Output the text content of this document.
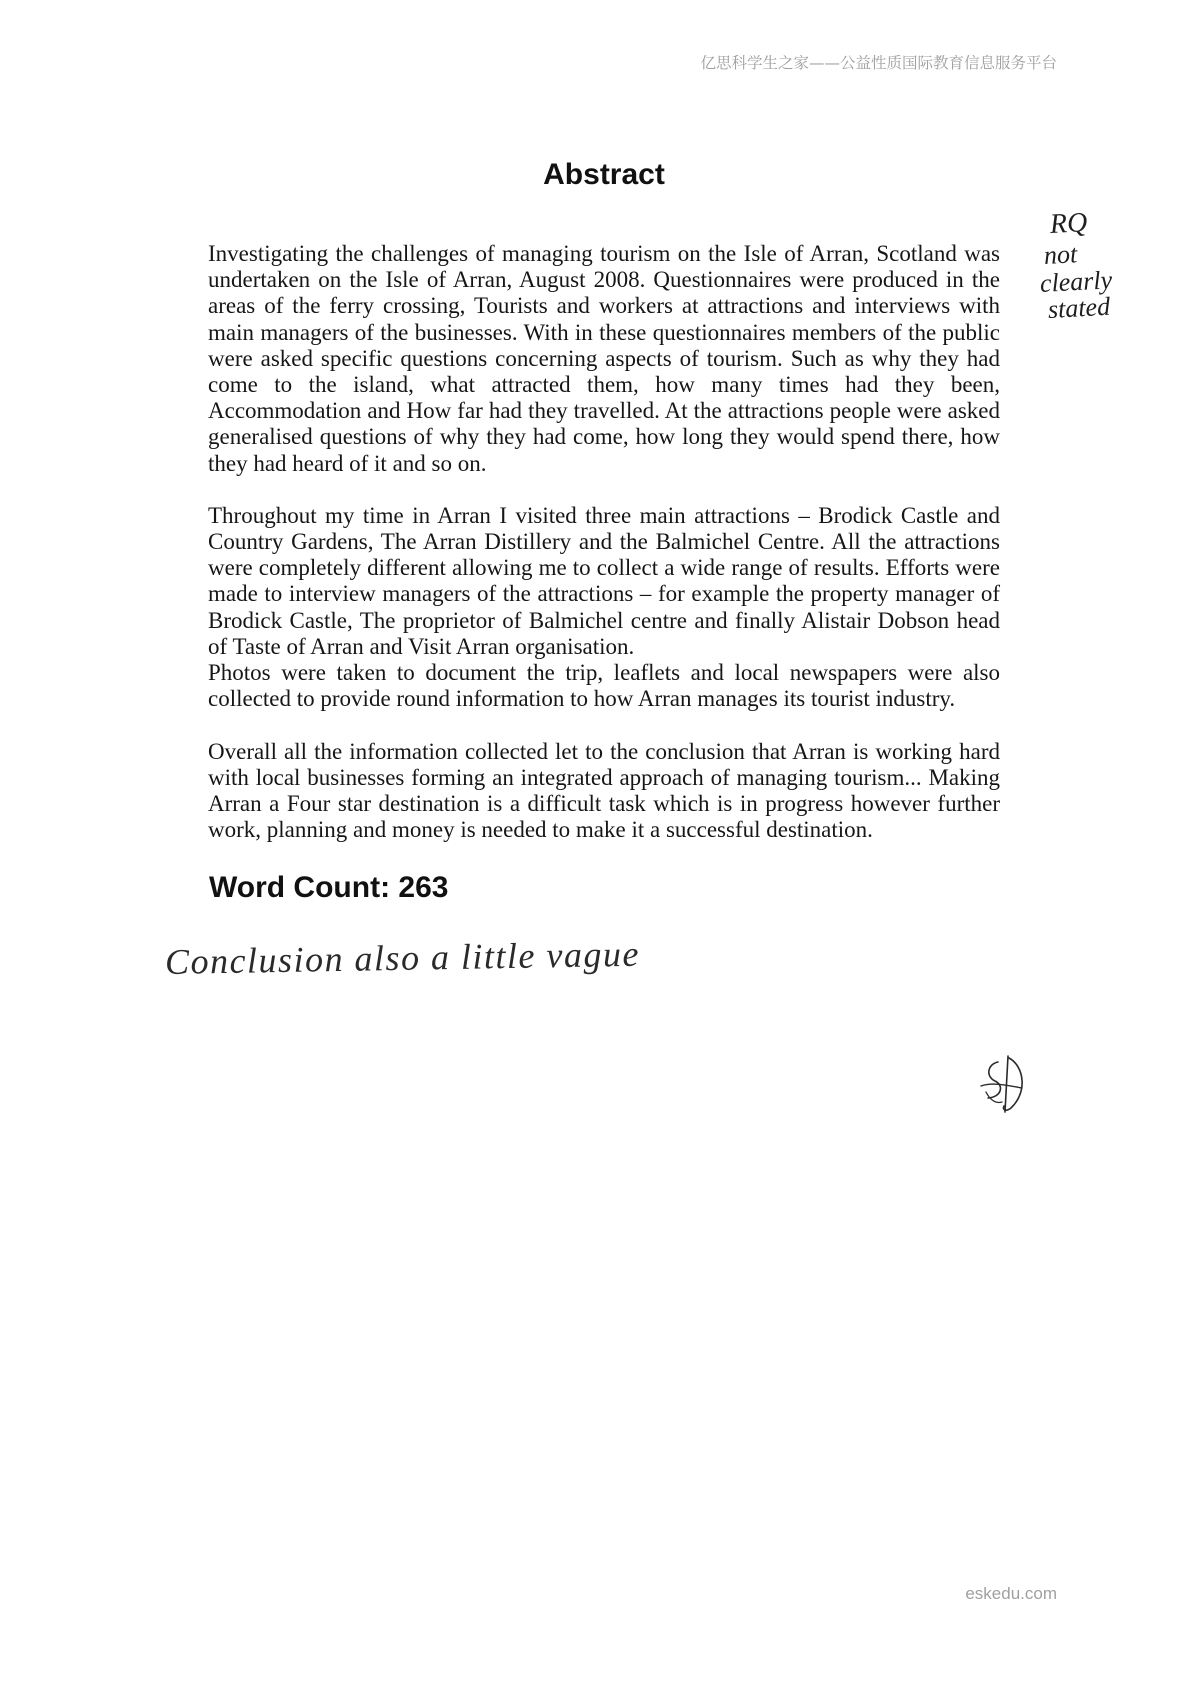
亿思科学生之家——公益性质国际教育信息服务平台
Abstract
Investigating the challenges of managing tourism on the Isle of Arran, Scotland was
undertaken on the Isle of Arran, August 2008. Questionnaires were produced in the
areas of the ferry crossing, Tourists and workers at attractions and interviews with
main managers of the businesses. With in these questionnaires members of the public
were asked specific questions concerning aspects of tourism. Such as why they had
come to the island, what attracted them, how many times had they been,
Accommodation and How far had they travelled. At the attractions people were asked
generalised questions of why they had come, how long they would spend there, how
they had heard of it and so on.
Throughout my time in Arran I visited three main attractions – Brodick Castle and
Country Gardens, The Arran Distillery and the Balmichel Centre. All the attractions
were completely different allowing me to collect a wide range of results. Efforts were
made to interview managers of the attractions – for example the property manager of
Brodick Castle, The proprietor of Balmichel centre and finally Alistair Dobson head
of Taste of Arran and Visit Arran organisation.
Photos were taken to document the trip, leaflets and local newspapers were also
collected to provide round information to how Arran manages its tourist industry.
Overall all the information collected let to the conclusion that Arran is working hard
with local businesses forming an integrated approach of managing tourism... Making
Arran a Four star destination is a difficult task which is in progress however further
work, planning and money is needed to make it a successful destination.
Word Count: 263
RQ
not
clearly
stated
Conclusion also a little vague
eskedu.com
